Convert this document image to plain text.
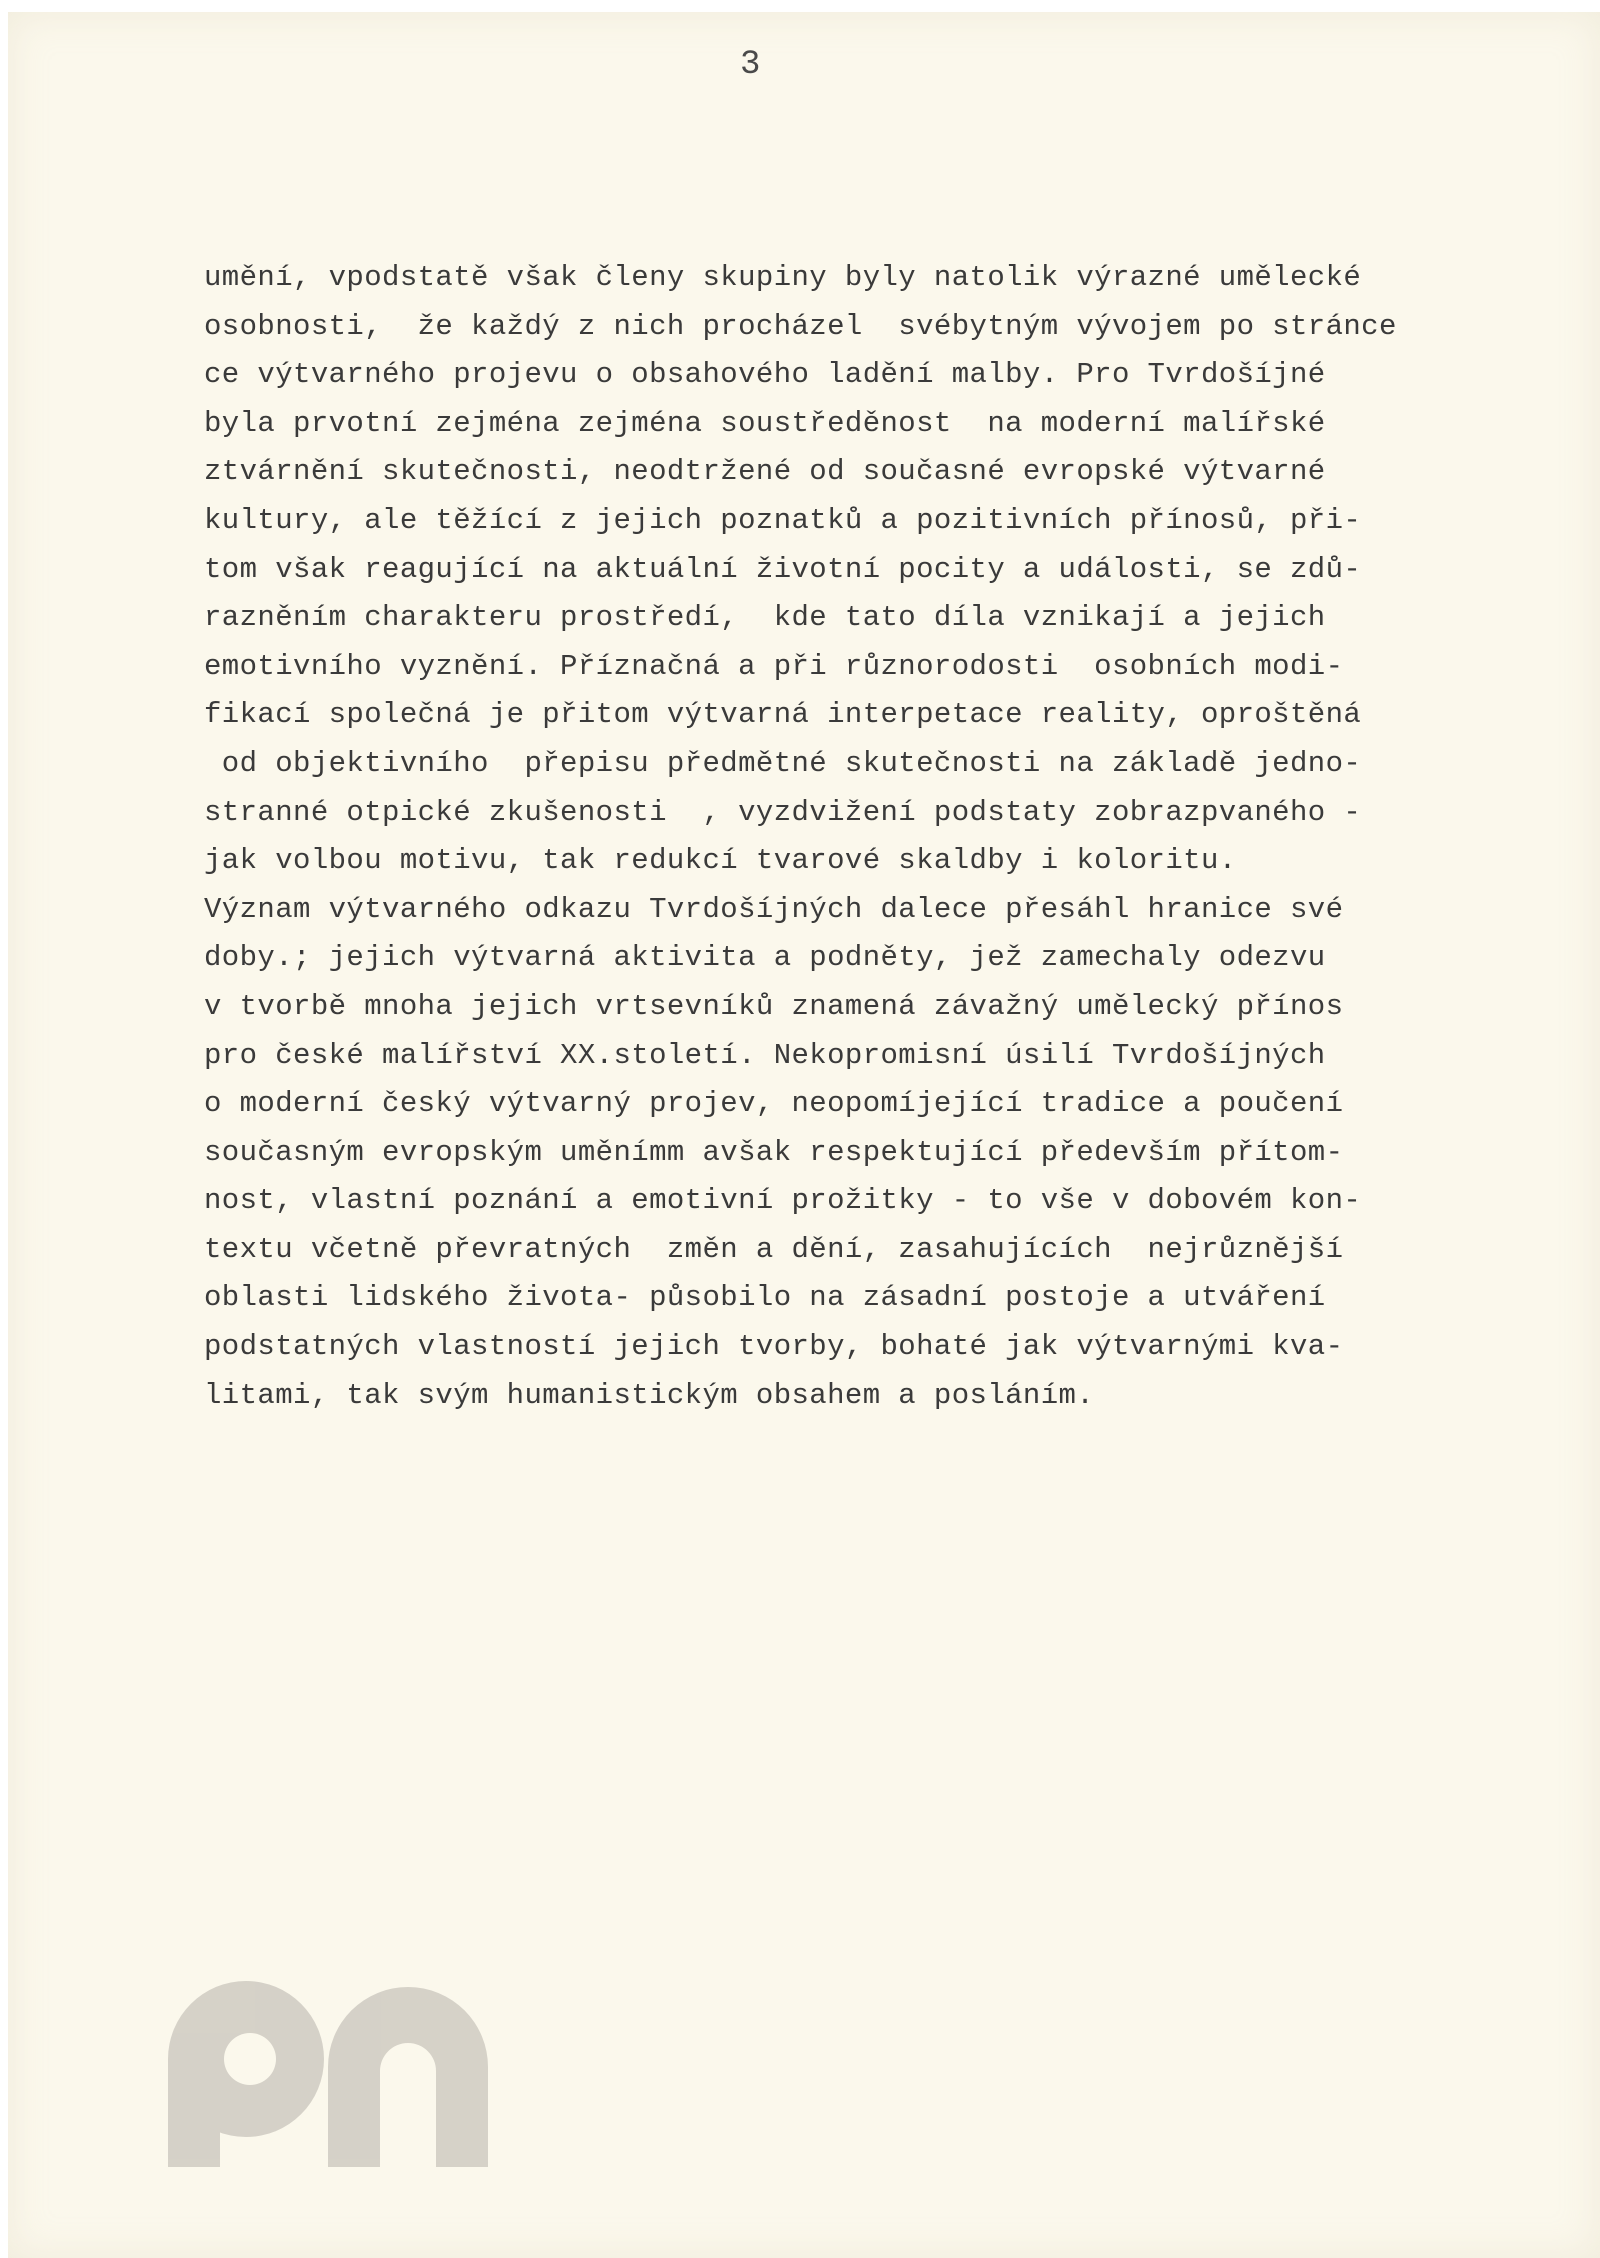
3
umění, vpodstatě však členy skupiny byly natolik výrazné umělecké
osobnosti,  že každý z nich procházel  svébytným vývojem po stránce
ce výtvarného projevu o obsahového ladění malby. Pro Tvrdošíjné
byla prvotní zejména zejména soustředěnost  na moderní malířské
ztvárnění skutečnosti, neodtržené od současné evropské výtvarné
kultury, ale těžící z jejich poznatků a pozitivních přínosů, při-
tom však reagující na aktuální životní pocity a události, se zdů-
razněním charakteru prostředí,  kde tato díla vznikají a jejich
emotivního vyznění. Příznačná a při různorodosti  osobních modi-
fikací společná je přitom výtvarná interpetace reality, oproštěná
od objektivního  přepisu předmětné skutečnosti na základě jedno-
stranné otpické zkušenosti  , vyzdvižení podstaty zobrazpvaného -
jak volbou motivu, tak redukcí tvarové skaldby i koloritu.
Význam výtvarného odkazu Tvrdošíjných dalece přesáhl hranice své
doby.; jejich výtvarná aktivita a podněty, jež zamechaly odezvu
v tvorbě mnoha jejich vrtsevníků znamená závažný umělecký přínos
pro české malířství XX.století. Nekopromisní úsilí Tvrdošíjných
o moderní český výtvarný projev, neopomíjející tradice a poučení
současným evropským uměnímm avšak respektující především přítom-
nost, vlastní poznání a emotivní prožitky - to vše v dobovém kon-
textu včetně převratných  změn a dění, zasahujících  nejrůznější
oblasti lidského života- působilo na zásadní postoje a utváření
podstatných vlastností jejich tvorby, bohaté jak výtvarnými kva-
litami, tak svým humanistickým obsahem a posláním.
